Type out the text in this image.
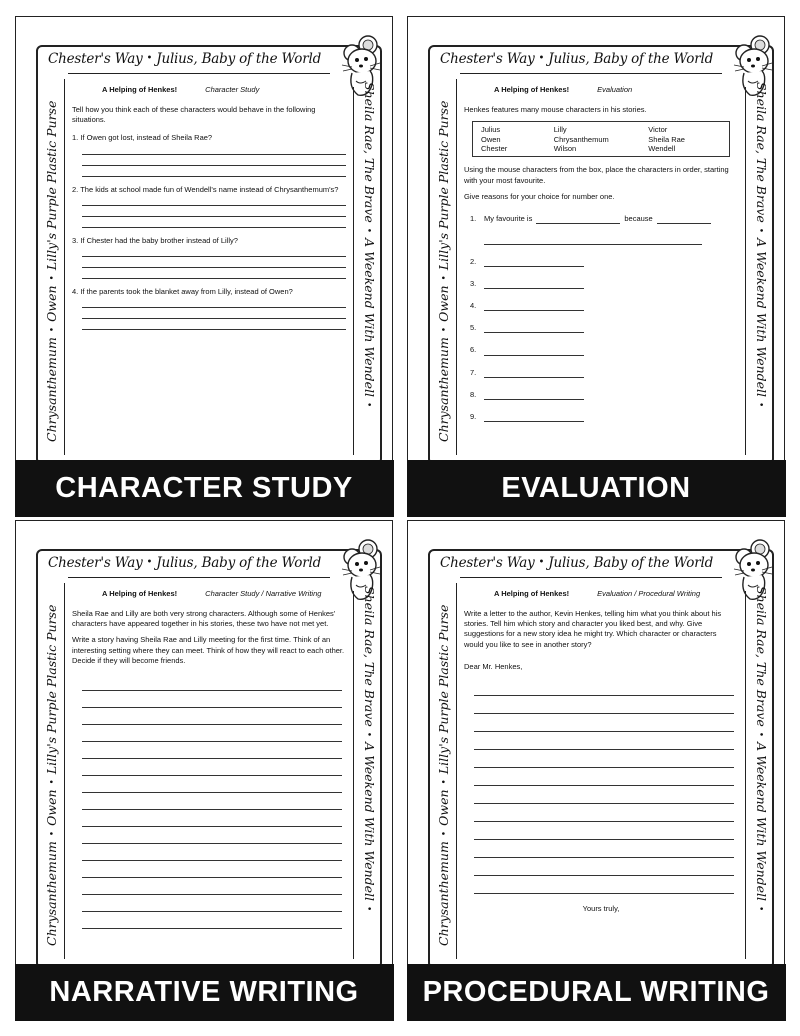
Chester's Way • Julius, Baby of the World
Chrysanthemum•Owen•Lilly's Purple Plastic Purse	Sheila Rae, The Brave•A Weekend With Wendell•
A Helping of Henkes!	Character Study
Tell how you think each of these characters would behave in the following situations.
1. If Owen got lost, instead of Sheila Rae?
2. The kids at school made fun of Wendell's name instead of Chrysanthemum's?
3. If Chester had the baby brother instead of Lilly?
4. If the parents took the blanket away from Lilly, instead of Owen?
CHARACTER STUDY
Chester's Way • Julius, Baby of the World
Chrysanthemum•Owen•Lilly's Purple Plastic Purse	Sheila Rae, The Brave•A Weekend With Wendell•
A Helping of Henkes!	Evaluation
Henkes features many mouse characters in his stories.
Julius	Lilly	Victor
Owen	Chrysanthemum	Sheila Rae
Chester	Wilson	Wendell
Using the mouse characters from the box, place the characters in order, starting with your most favourite.
Give reasons for your choice for number one.
1.	My favourite is	because
2.
3.
4.
5.
6.
7.
8.
9.
EVALUATION
Chester's Way • Julius, Baby of the World
Chrysanthemum•Owen•Lilly's Purple Plastic Purse	Sheila Rae, The Brave•A Weekend With Wendell•
A Helping of Henkes!	Character Study / Narrative Writing
Sheila Rae and Lilly are both very strong characters. Although some of Henkes' characters have appeared together in his stories, these two have not met yet.
Write a story having Sheila Rae and Lilly meeting for the first time. Think of an interesting setting where they can meet. Think of how they will react to each other. Decide if they will become friends.
NARRATIVE WRITING
Chester's Way • Julius, Baby of the World
Chrysanthemum•Owen•Lilly's Purple Plastic Purse	Sheila Rae, The Brave•A Weekend With Wendell•
A Helping of Henkes!	Evaluation / Procedural Writing
Write a letter to the author, Kevin Henkes, telling him what you think about his stories. Tell him which story and character you liked best, and why. Give suggestions for a new story idea he might try. Which character or characters would you like to see in another story?
Dear Mr. Henkes,
Yours truly,
PROCEDURAL WRITING
